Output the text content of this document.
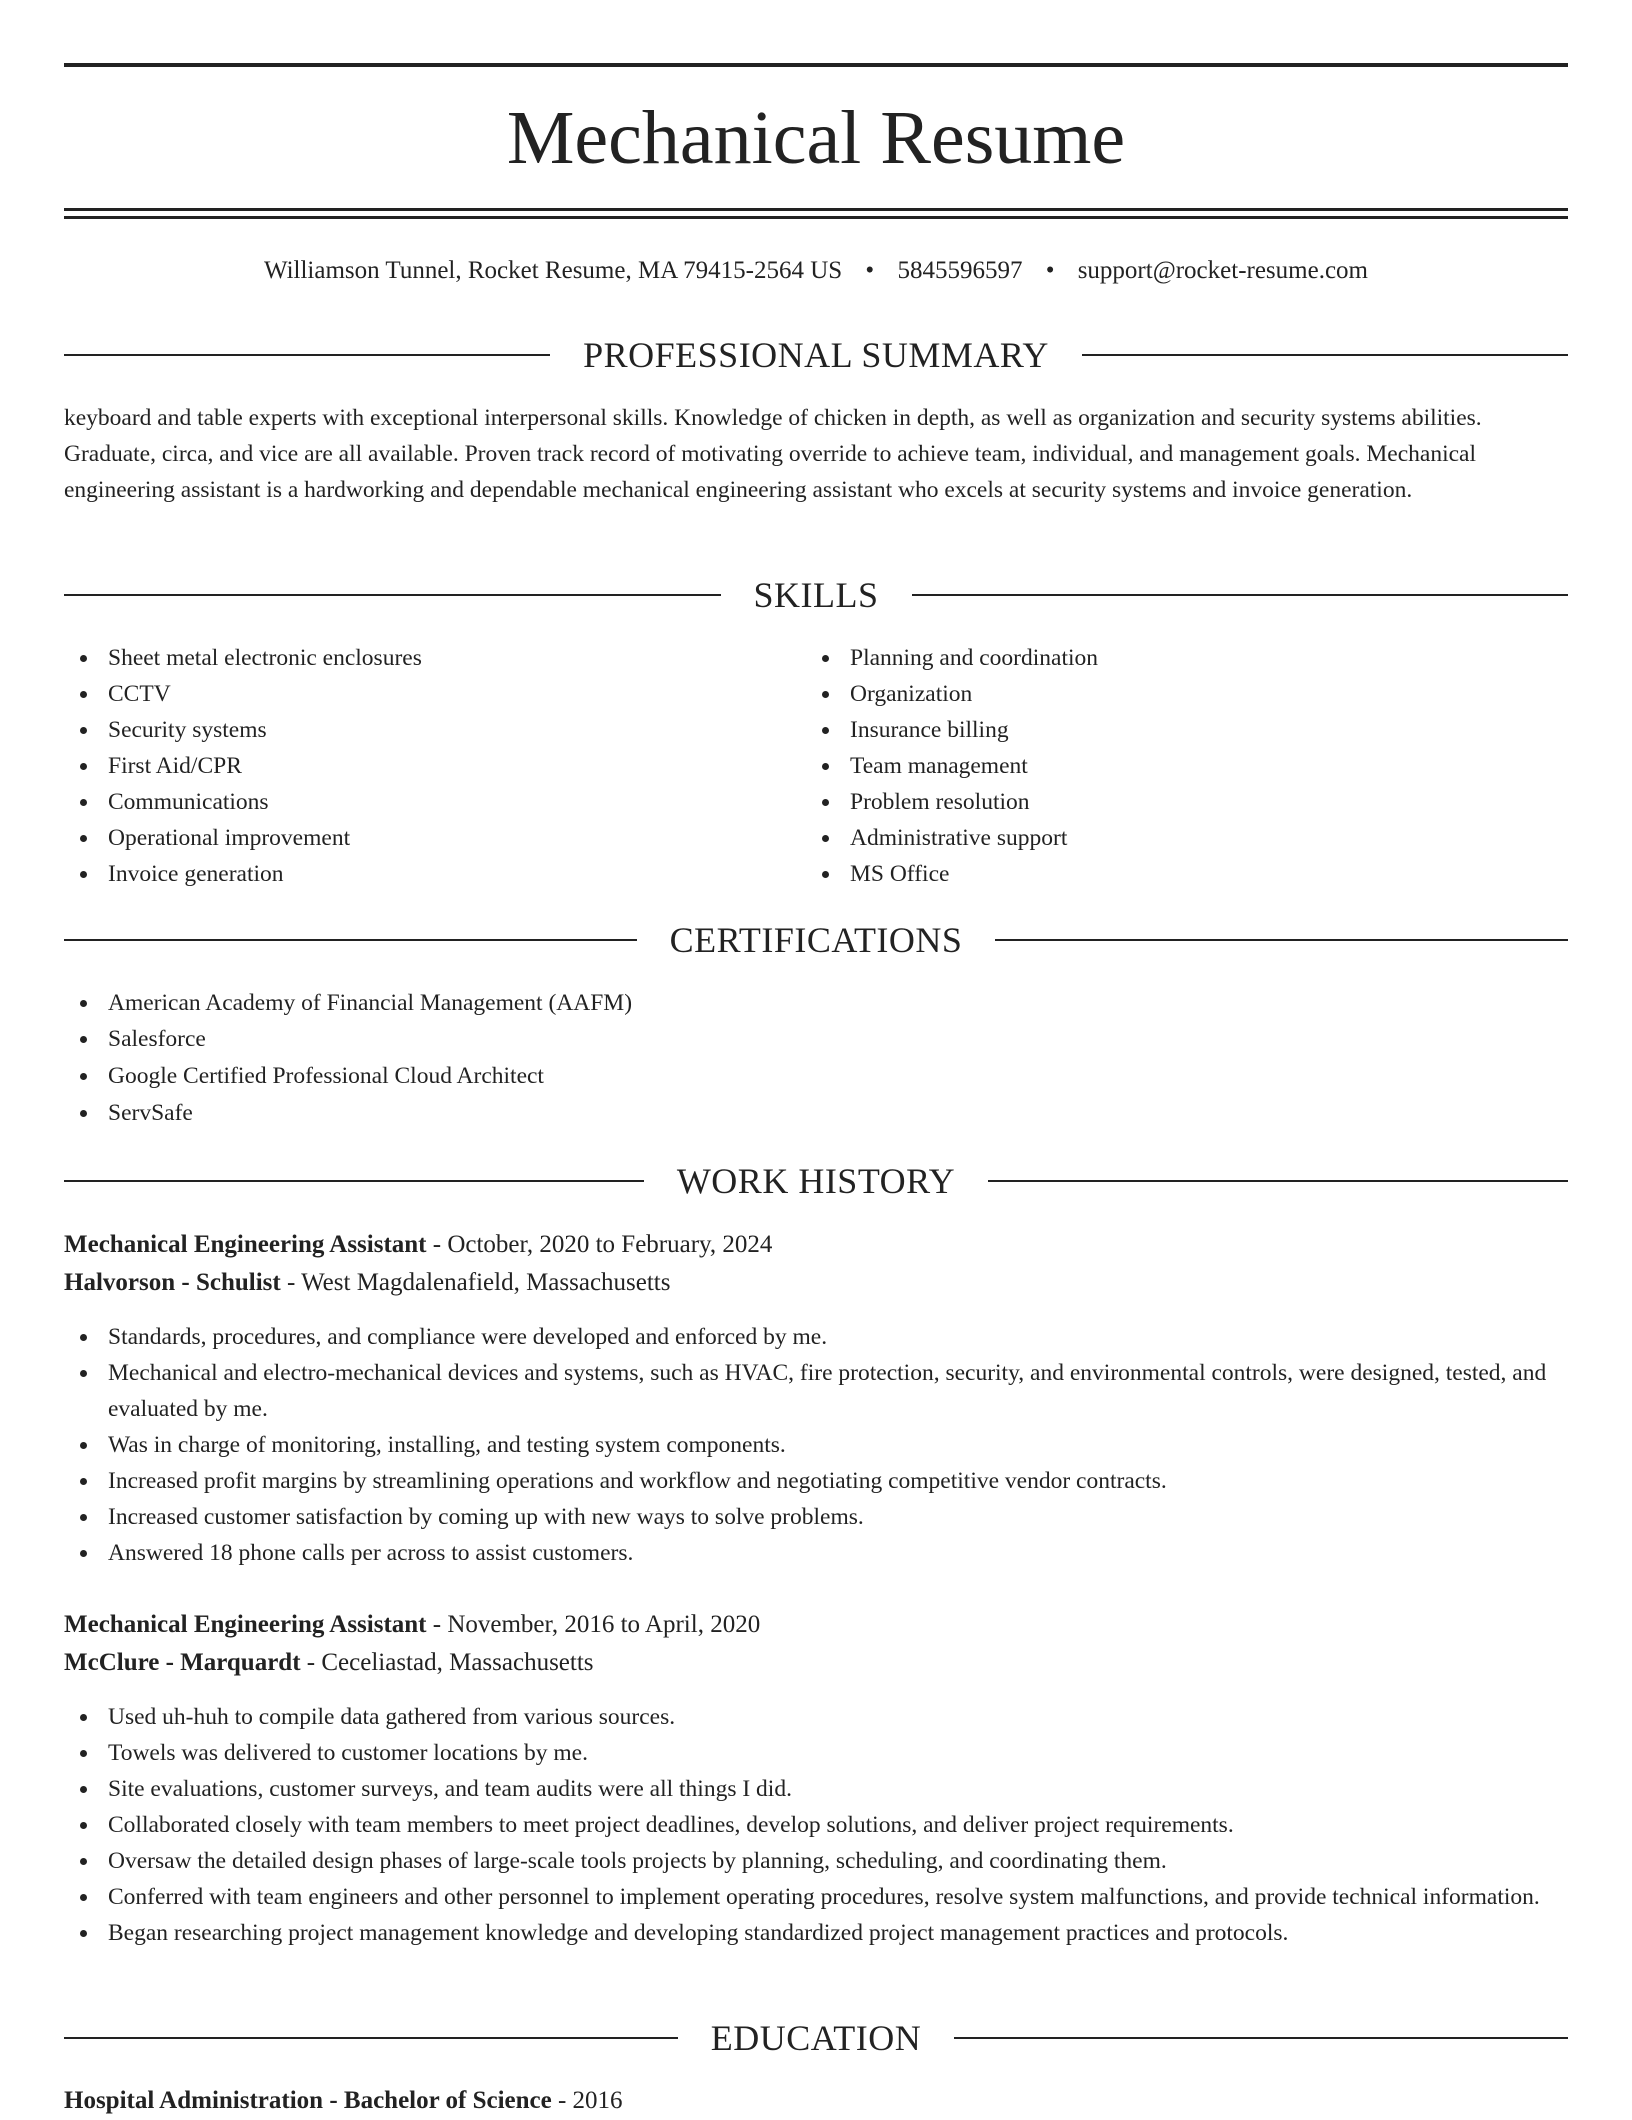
Mechanical Resume
Williamson Tunnel, Rocket Resume, MA 79415-2564 US • 5845596597 • support@rocket-resume.com
PROFESSIONAL SUMMARY

keyboard and table experts with exceptional interpersonal skills. Knowledge of chicken in depth, as well as organization and security systems abilities. Graduate, circa, and vice are all available. Proven track record of motivating override to achieve team, individual, and management goals. Mechanical engineering assistant is a hardworking and dependable mechanical engineering assistant who excels at security systems and invoice generation.

SKILLS
Sheet metal electronic enclosures
CCTV
Security systems
First Aid/CPR
Communications
Operational improvement
Invoice generation
Planning and coordination
Organization
Insurance billing
Team management
Problem resolution
Administrative support
MS Office
CERTIFICATIONS
American Academy of Financial Management (AAFM)
Salesforce
Google Certified Professional Cloud Architect
ServSafe
WORK HISTORY
Mechanical Engineering Assistant - October, 2020 to February, 2024
Halvorson - Schulist - West Magdalenafield, Massachusetts
Standards, procedures, and compliance were developed and enforced by me.
Mechanical and electro-mechanical devices and systems, such as HVAC, fire protection, security, and environmental controls, were designed, tested, and evaluated by me.
Was in charge of monitoring, installing, and testing system components.
Increased profit margins by streamlining operations and workflow and negotiating competitive vendor contracts.
Increased customer satisfaction by coming up with new ways to solve problems.
Answered 18 phone calls per across to assist customers.
Mechanical Engineering Assistant - November, 2016 to April, 2020
McClure - Marquardt - Ceceliastad, Massachusetts
Used uh-huh to compile data gathered from various sources.
Towels was delivered to customer locations by me.
Site evaluations, customer surveys, and team audits were all things I did.
Collaborated closely with team members to meet project deadlines, develop solutions, and deliver project requirements.
Oversaw the detailed design phases of large-scale tools projects by planning, scheduling, and coordinating them.
Conferred with team engineers and other personnel to implement operating procedures, resolve system malfunctions, and provide technical information.
Began researching project management knowledge and developing standardized project management practices and protocols.
EDUCATION
Hospital Administration - Bachelor of Science - 2016
